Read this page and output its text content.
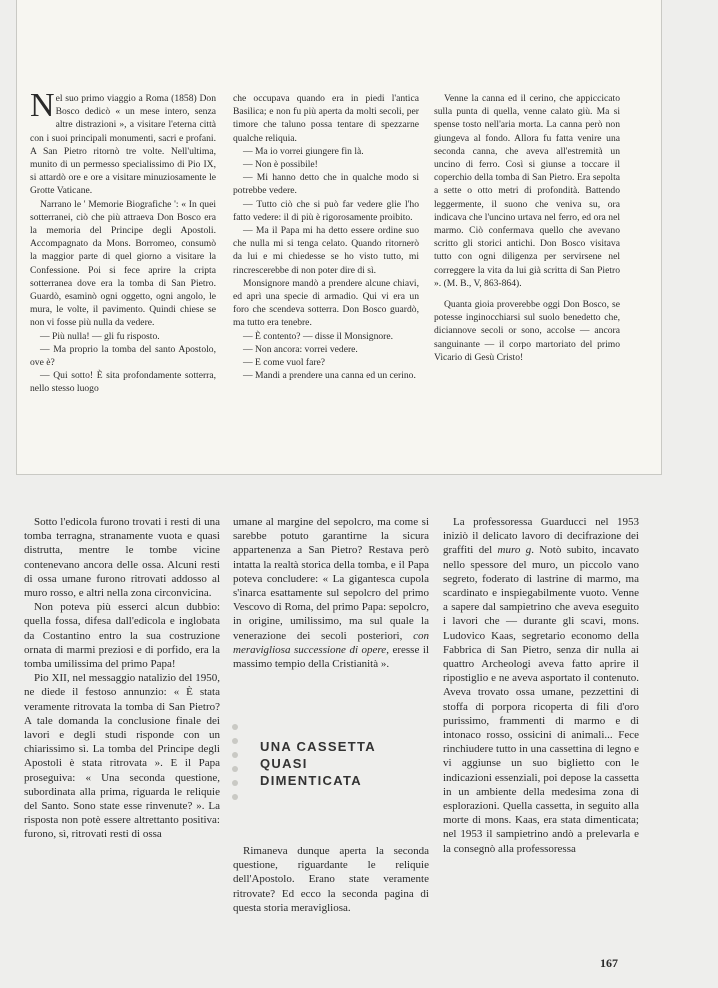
Nel suo primo viaggio a Roma (1858) Don Bosco dedicò « un mese intero, senza altre distrazioni », a visitare l'eterna città con i suoi principali monumenti, sacri e profani. A San Pietro ritornò tre volte. Nell'ultima, munito di un permesso specialissimo di Pio IX, si attardò ore e ore a visitare minuziosamente le Grotte Vaticane.

Narrano le ' Memorie Biografiche ': « In quei sotterranei, ciò che più attraeva Don Bosco era la memoria del Principe degli Apostoli. Accompagnato da Mons. Borromeo, consumò la maggior parte di quel giorno a visitare la Confessione. Poi si fece aprire la cripta sotterranea dove era la tomba di San Pietro. Guardò, esaminò ogni oggetto, ogni angolo, le mura, le volte, il pavimento. Quindi chiese se non vi fosse più nulla da vedere.

— Più nulla! — gli fu risposto.

— Ma proprio la tomba del santo Apostolo, ove è?

— Qui sotto! È sita profondamente sotterra, nello stesso luogo

che occupava quando era in piedi l'antica Basilica; e non fu più aperta da molti secoli, per timore che taluno possa tentare di spezzarne qualche reliquia.

— Ma io vorrei giungere fin là.

— Non è possibile!

— Mi hanno detto che in qualche modo si potrebbe vedere.

— Tutto ciò che si può far vedere glie l'ho fatto vedere: il di più è rigorosamente proibito.

— Ma il Papa mi ha detto essere ordine suo che nulla mi si tenga celato. Quando ritornerò da lui e mi chiedesse se ho visto tutto, mi rincrescerebbe di non poter dire di sì.

Monsignore mandò a prendere alcune chiavi, ed aprì una specie di armadio. Qui vi era un foro che scendeva sotterra. Don Bosco guardò, ma tutto era tenebre.

— È contento? — disse il Monsignore.

— Non ancora: vorrei vedere.

— E come vuol fare?

— Mandi a prendere una canna ed un cerino.

Venne la canna ed il cerino, che appiccicato sulla punta di quella, venne calato giù. Ma si spense tosto nell'aria morta. La canna però non giungeva al fondo. Allora fu fatta venire una seconda canna, che aveva all'estremità un uncino di ferro. Così si giunse a toccare il coperchio della tomba di San Pietro. Era sepolta a sette o otto metri di profondità. Battendo leggermente, il suono che veniva su, ora indicava che l'uncino urtava nel ferro, ed ora nel marmo. Ciò confermava quello che avevano scritto gli storici antichi. Don Bosco visitava tutto con ogni diligenza per servirsene nel correggere la vita da lui già scritta di San Pietro ». (M. B., V, 863-864).

Quanta gioia proverebbe oggi Don Bosco, se potesse inginocchiarsi sul suolo benedetto che, diciannove secoli or sono, accolse — ancora sanguinante — il corpo martoriato del primo Vicario di Gesù Cristo!

Sotto l'edicola furono trovati i resti di una tomba terragna, stranamente vuota e quasi distrutta, mentre le tombe vicine contenevano ancora delle ossa. Alcuni resti di ossa umane furono ritrovati addosso al muro rosso, e altri nella zona circonvicina.

Non poteva più esserci alcun dubbio: quella fossa, difesa dall'edicola e inglobata da Costantino entro la sua costruzione ornata di marmi preziosi e di porfido, era la tomba umilissima del primo Papa!

Pio XII, nel messaggio natalizio del 1950, ne diede il festoso annunzio: « È stata veramente ritrovata la tomba di San Pietro? A tale domanda la conclusione finale dei lavori e degli studi risponde con un chiarissimo sì. La tomba del Principe degli Apostoli è stata ritrovata ». E il Papa proseguiva: « Una seconda questione, subordinata alla prima, riguarda le reliquie del Santo. Sono state esse rinvenute? ». La risposta non potè essere altrettanto positiva: furono, sì, ritrovati resti di ossa

umane al margine del sepolcro, ma come si sarebbe potuto garantirne la sicura appartenenza a San Pietro? Restava però intatta la realtà storica della tomba, e il Papa poteva concludere: « La gigantesca cupola s'inarca esattamente sul sepolcro del primo Vescovo di Roma, del primo Papa: sepolcro, in origine, umilissimo, ma sul quale la venerazione dei secoli posteriori, con meravigliosa successione di opere, eresse il massimo tempio della Cristianità ».

UNA CASSETTA
QUASI
DIMENTICATA

Rimaneva dunque aperta la seconda questione, riguardante le reliquie dell'Apostolo. Erano state veramente ritrovate? Ed ecco la seconda pagina di questa storia meravigliosa.

La professoressa Guarducci nel 1953 iniziò il delicato lavoro di decifrazione dei graffiti del muro g. Notò subito, incavato nello spessore del muro, un piccolo vano segreto, foderato di lastrine di marmo, ma scardinato e inspiegabilmente vuoto. Venne a sapere dal sampietrino che aveva eseguito i lavori che — durante gli scavi, mons. Ludovico Kaas, segretario economo della Fabbrica di San Pietro, senza dir nulla ai quattro Archeologi aveva fatto aprire il ripostiglio e ne aveva asportato il contenuto. Aveva trovato ossa umane, pezzettini di stoffa di porpora ricoperta di fili d'oro purissimo, frammenti di marmo e di intonaco rosso, ossicini di animali... Fece rinchiudere tutto in una cassettina di legno e vi aggiunse un suo biglietto con le indicazioni essenziali, poi depose la cassetta in un ambiente della medesima zona di esplorazioni. Quella cassetta, in seguito alla morte di mons. Kaas, era stata dimenticata; nel 1953 il sampietrino andò a prelevarla e la consegnò alla professoressa

167
